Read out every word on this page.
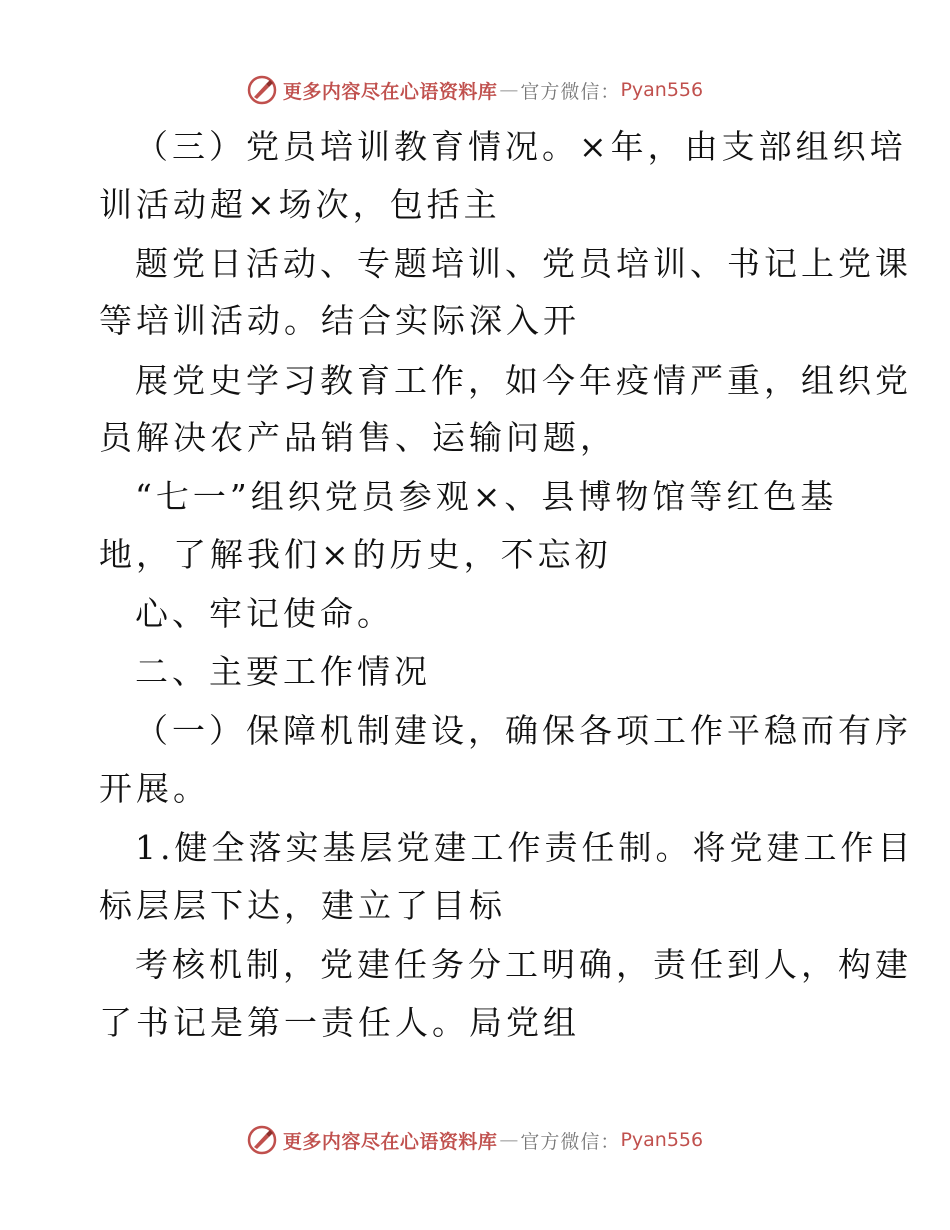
更多内容尽在心语资料库 — 官方微信： Pyan556
（三）党员培训教育情况。×年，由支部组织培
训活动超×场次，包括主
题党日活动、专题培训、党员培训、书记上党课
等培训活动。结合实际深入开
展党史学习教育工作，如今年疫情严重，组织党
员解决农产品销售、运输问题，
“七一”组织党员参观×、县博物馆等红色基
地，了解我们×的历史，不忘初
心、牢记使命。
二、主要工作情况
（一）保障机制建设，确保各项工作平稳而有序
开展。
1.健全落实基层党建工作责任制。将党建工作目
标层层下达，建立了目标
考核机制，党建任务分工明确，责任到人，构建
了书记是第一责任人。局党组
更多内容尽在心语资料库 — 官方微信： Pyan556
